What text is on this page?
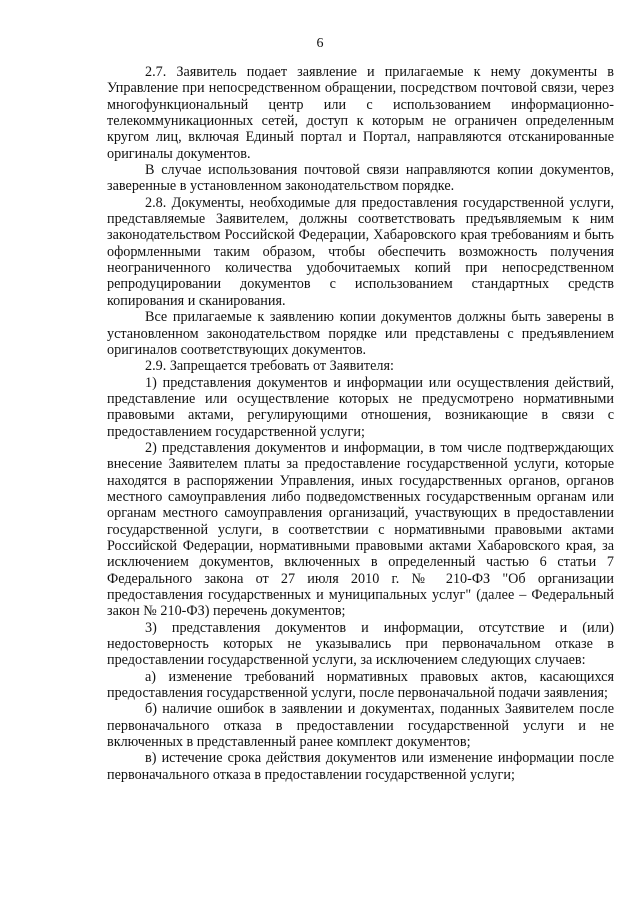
6

2.7. Заявитель подает заявление и прилагаемые к нему документы в Управление при непосредственном обращении, посредством почтовой связи, через многофункциональный центр или с использованием информационно-телекоммуникационных сетей, доступ к которым не ограничен определенным кругом лиц, включая Единый портал и Портал, направляются отсканированные оригиналы документов.

В случае использования почтовой связи направляются копии документов, заверенные в установленном законодательством порядке.

2.8. Документы, необходимые для предоставления государственной услуги, представляемые Заявителем, должны соответствовать предъявляемым к ним законодательством Российской Федерации, Хабаровского края требованиям и быть оформленными таким образом, чтобы обеспечить возможность получения неограниченного количества удобочитаемых копий при непосредственном репродуцировании документов с использованием стандартных средств копирования и сканирования.

Все прилагаемые к заявлению копии документов должны быть заверены в установленном законодательством порядке или представлены с предъявлением оригиналов соответствующих документов.

2.9. Запрещается требовать от Заявителя:

1) представления документов и информации или осуществления действий, представление или осуществление которых не предусмотрено нормативными правовыми актами, регулирующими отношения, возникающие в связи с предоставлением государственной услуги;

2) представления документов и информации, в том числе подтверждающих внесение Заявителем платы за предоставление государственной услуги, которые находятся в распоряжении Управления, иных государственных органов, органов местного самоуправления либо подведомственных государственным органам или органам местного самоуправления организаций, участвующих в предоставлении государственной услуги, в соответствии с нормативными правовыми актами Российской Федерации, нормативными правовыми актами Хабаровского края, за исключением документов, включенных в определенный частью 6 статьи 7 Федерального закона от 27 июля 2010 г. № 210-ФЗ "Об организации предоставления государственных и муниципальных услуг" (далее – Федеральный закон № 210-ФЗ) перечень документов;

3) представления документов и информации, отсутствие и (или) недостоверность которых не указывались при первоначальном отказе в предоставлении государственной услуги, за исключением следующих случаев:

а) изменение требований нормативных правовых актов, касающихся предоставления государственной услуги, после первоначальной подачи заявления;

б) наличие ошибок в заявлении и документах, поданных Заявителем после первоначального отказа в предоставлении государственной услуги и не включенных в представленный ранее комплект документов;

в) истечение срока действия документов или изменение информации после первоначального отказа в предоставлении государственной услуги;
